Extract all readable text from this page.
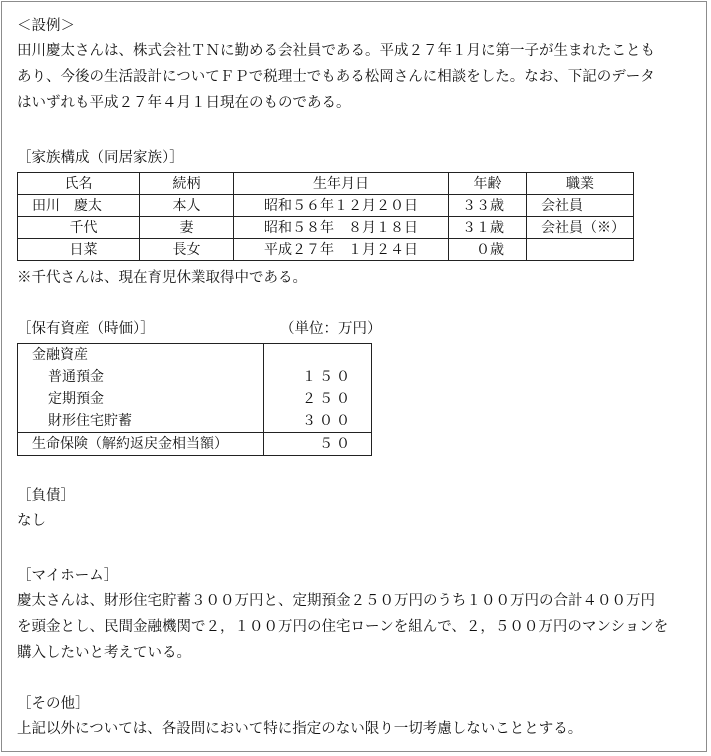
＜設例＞
田川慶太さんは、株式会社ＴＮに勤める会社員である。平成２７年１月に第一子が生まれたことも
あり、今後の生活設計についてＦＰで税理士でもある松岡さんに相談をした。なお、下記のデータ
はいずれも平成２７年４月１日現在のものである。
［家族構成（同居家族）］
氏名	続柄	生年月日	年齢	職業
田川　慶太	本人	昭和５６年１２月２０日	３３歳	会社員
千代	妻	昭和５８年　８月１８日	３１歳	会社員（※）
日菜	長女	平成２７年　１月２４日	０歳	
※千代さんは、現在育児休業取得中である。
［保有資産（時価）］	（単位：万円）
金融資産	
普通預金	１５０
定期預金	２５０
財形住宅貯蓄	３００
生命保険（解約返戻金相当額）	５０
［負債］
なし
［マイホーム］
慶太さんは、財形住宅貯蓄３００万円と、定期預金２５０万円のうち１００万円の合計４００万円
を頭金とし、民間金融機関で２，１００万円の住宅ローンを組んで、２，５００万円のマンションを
購入したいと考えている。
［その他］
上記以外については、各設問において特に指定のない限り一切考慮しないこととする。
